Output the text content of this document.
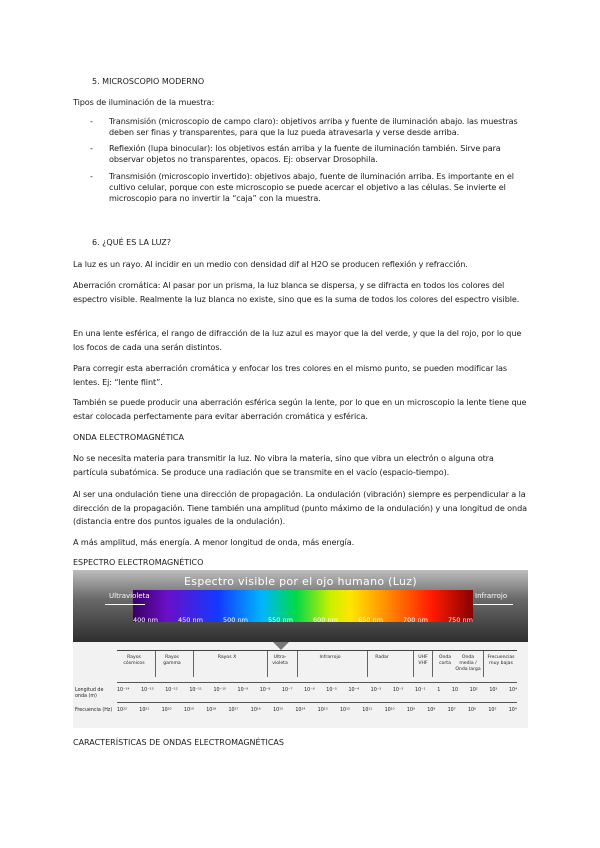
5. MICROSCOPIO MODERNO
Tipos de iluminación de la muestra:
- Transmisión (microscopio de campo claro): objetivos arriba y fuente de iluminación abajo. las muestras deben ser finas y transparentes, para que la luz pueda atravesarla y verse desde arriba.
- Reflexión (lupa binocular): los objetivos están arriba y la fuente de iluminación también. Sirve para observar objetos no transparentes, opacos. Ej: observar Drosophila.
- Transmisión (microscopio invertido): objetivos abajo, fuente de iluminación arriba. Es importante en el cultivo celular, porque con este microscopio se puede acercar el objetivo a las células. Se invierte el microscopio para no invertir la “caja” con la muestra.
6. ¿QUÉ ES LA LUZ?
La luz es un rayo. Al incidir en un medio con densidad dif al H2O se producen reflexión y refracción.
Aberración cromática: Al pasar por un prisma, la luz blanca se dispersa, y se difracta en todos los colores del espectro visible. Realmente la luz blanca no existe, sino que es la suma de todos los colores del espectro visible.
En una lente esférica, el rango de difracción de la luz azul es mayor que la del verde, y que la del rojo, por lo que los focos de cada una serán distintos.
Para corregir esta aberración cromática y enfocar los tres colores en el mismo punto, se pueden modificar las lentes. Ej: “lente flint”.
También se puede producir una aberración esférica según la lente, por lo que en un microscopio la lente tiene que estar colocada perfectamente para evitar aberración cromática y esférica.
ONDA ELECTROMAGNÉTICA
No se necesita materia para transmitir la luz. No vibra la materia, sino que vibra un electrón o alguna otra partícula subatómica. Se produce una radiación que se transmite en el vacío (espacio-tiempo).
Al ser una ondulación tiene una dirección de propagación. La ondulación (vibración) siempre es perpendicular a la dirección de la propagación. Tiene también una amplitud (punto máximo de la ondulación) y una longitud de onda (distancia entre dos puntos iguales de la ondulación).
A más amplitud, más energía. A menor longitud de onda, más energía.
ESPECTRO ELECTROMAGNÉTICO
Espectro visible por el ojo humano (Luz)
Ultravioleta	Infrarrojo
400 nm	450 nm	500 nm	550 nm	600 nm	650 nm	700 nm	750 nm
Rayos cósmicos
Rayos gamma
Rayos X	Ultra-violeta
Infrarrojo	Radar	UHF VHF
Onda corta
Onda media / Onda larga
Frecuencias muy bajas
Longitud de onda (m)
10⁻¹⁴ 10⁻¹³ 10⁻¹² 10⁻¹¹ 10⁻¹⁰ 10⁻⁹ 10⁻⁸ 10⁻⁷ 10⁻⁶ 10⁻⁵ 10⁻⁴ 10⁻³ 10⁻² 10⁻¹ 1 10 10² 10³ 10⁴
Frecuencia (Hz) 10²²	10²¹	10²⁰	10¹⁹	10¹⁸	10¹⁷	10¹⁶	10¹⁵	10¹⁴	10¹³	10¹²	10¹¹	10¹⁰	10⁹	10⁸	10⁷	10⁶	10⁵	10⁴
CARACTERÍSTICAS DE ONDAS ELECTROMAGNÉTICAS
